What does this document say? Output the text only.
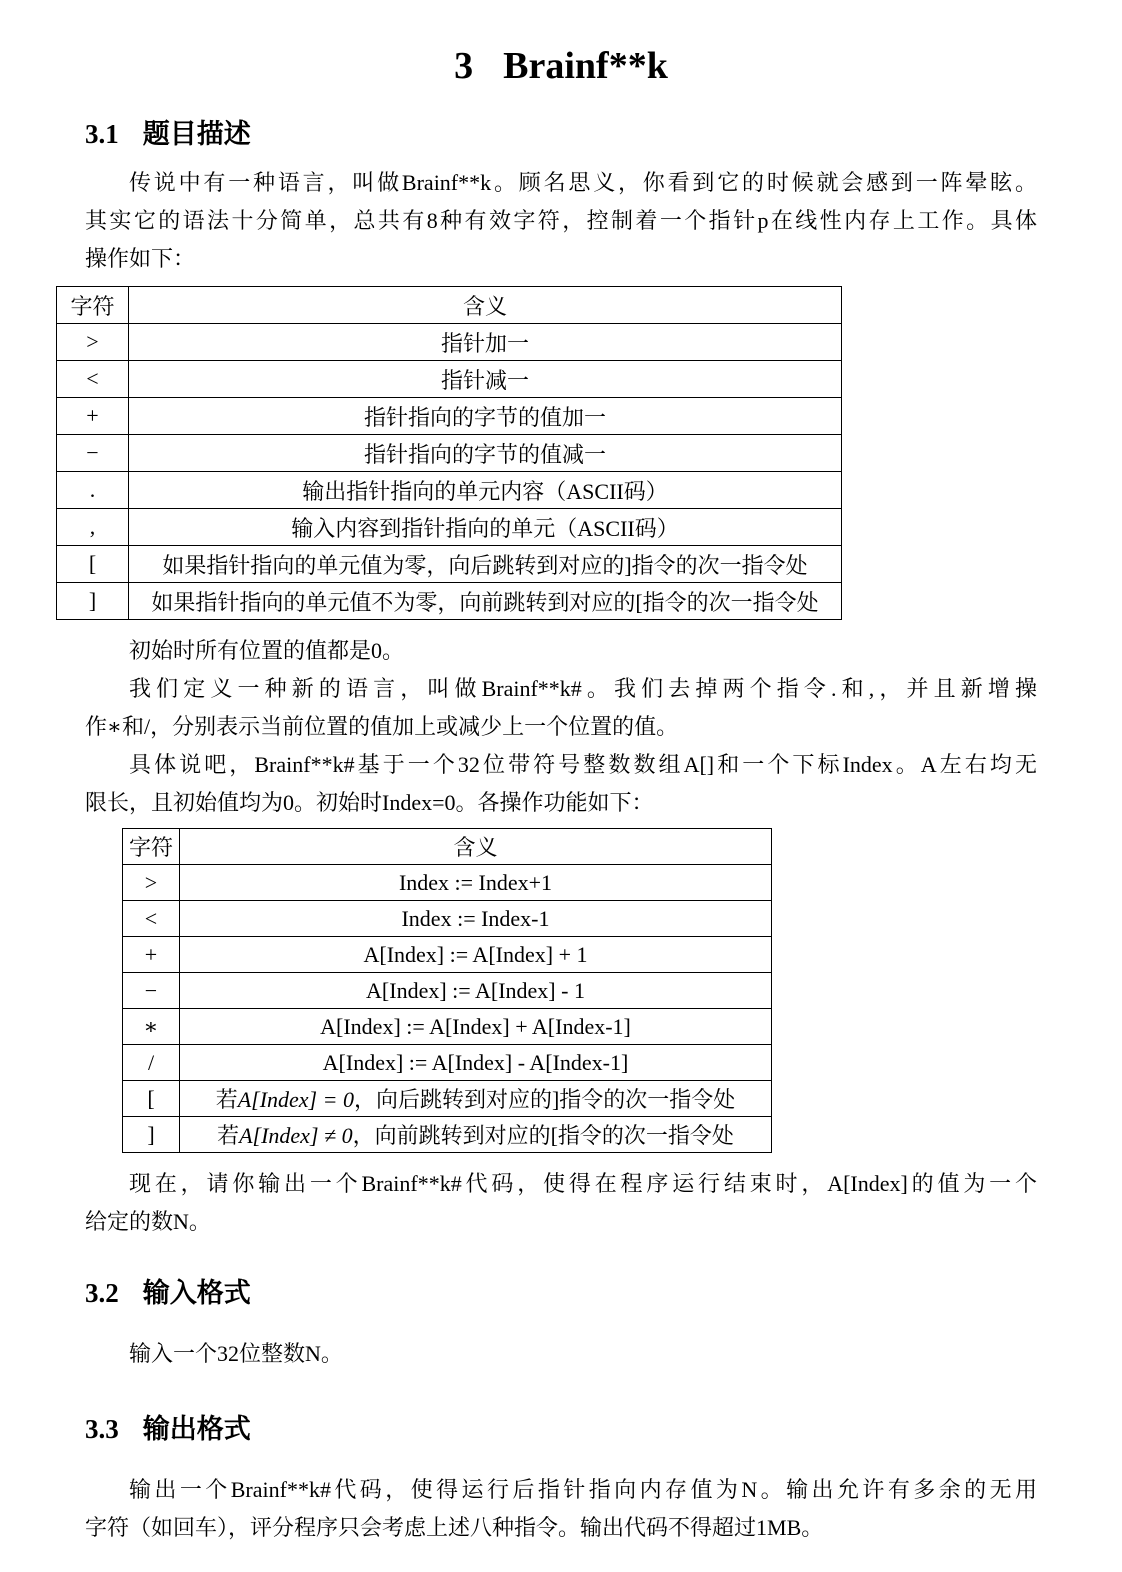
3 Brainf**k
3.1 题目描述

传说中有一种语言，叫做Brainf**k。顾名思义，你看到它的时候就会感到一阵晕眩。
其实它的语法十分简单，总共有8种有效字符，控制着一个指针p在线性内存上工作。具体
操作如下：

字符	含义
>	指针加一
<	指针减一
+	指针指向的字节的值加一
−	指针指向的字节的值减一
.	输出指针指向的单元内容（ASCII码）
,	输入内容到指针指向的单元（ASCII码）
[	如果指针指向的单元值为零，向后跳转到对应的]指令的次一指令处
]	如果指针指向的单元值不为零，向前跳转到对应的[指令的次一指令处

初始时所有位置的值都是0。

我们定义一种新的语言，叫做Brainf**k#。我们去掉两个指令.和,，并且新增操
作∗和/，分别表示当前位置的值加上或减少上一个位置的值。

具体说吧，Brainf**k#基于一个32位带符号整数数组A[]和一个下标Index。A左右均无
限长，且初始值均为0。初始时Index=0。各操作功能如下：

字符	含义
>	Index := Index+1
<	Index := Index-1
+	A[Index] := A[Index] + 1
−	A[Index] := A[Index] - 1
∗	A[Index] := A[Index] + A[Index-1]
/	A[Index] := A[Index] - A[Index-1]
[	若A[Index] = 0，向后跳转到对应的]指令的次一指令处
]	若A[Index] ≠ 0，向前跳转到对应的[指令的次一指令处

现在，请你输出一个Brainf**k#代码，使得在程序运行结束时，A[Index]的值为一个
给定的数N。

3.2 输入格式

输入一个32位整数N。

3.3 输出格式

输出一个Brainf**k#代码，使得运行后指针指向内存值为N。输出允许有多余的无用
字符（如回车），评分程序只会考虑上述八种指令。输出代码不得超过1MB。
